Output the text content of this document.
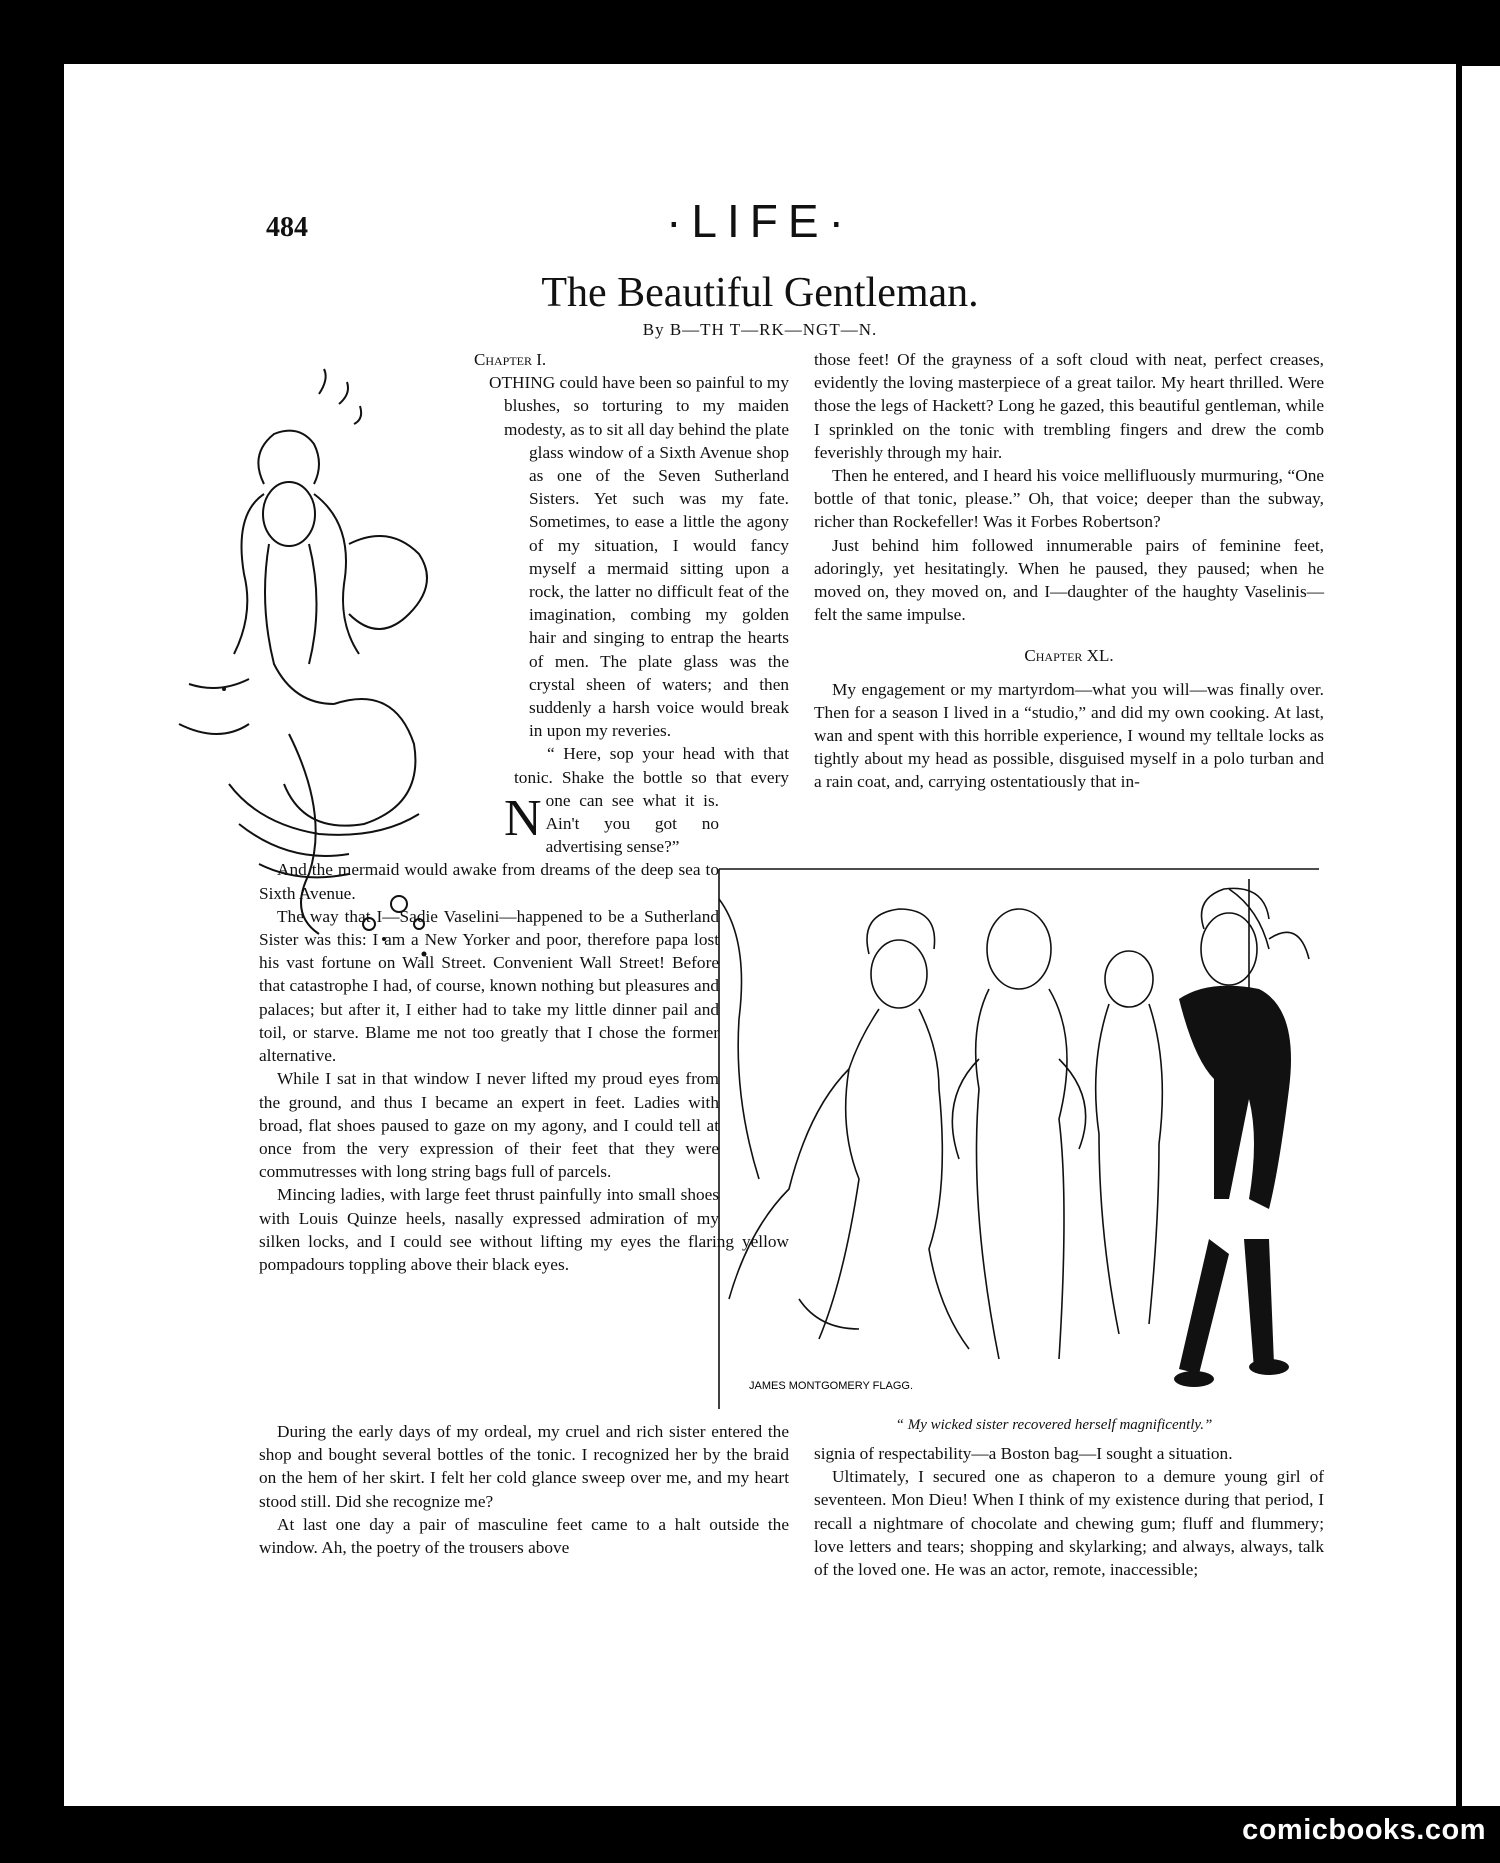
484	·LIFE·
The Beautiful Gentleman.
By B—TH T—RK—NGT—N.
Chapter I.

N
OTHING could have been so painful to my blushes, so torturing to my maiden modesty, as to sit all day behind the plate glass window of a Sixth Avenue shop as one of the Seven Sutherland Sisters. Yet such was my fate. Sometimes, to ease a little the agony of my situation, I would fancy myself a mermaid sitting upon a rock, the latter no difficult feat of the imagination, combing my golden hair and singing to entrap the hearts of men. The plate glass was the crystal sheen of waters; and then suddenly a harsh voice would break in upon my reveries.

“ Here, sop your head with that tonic. Shake the bottle so that every one can see what it is. Ain't you got no advertising sense?”

And the mermaid would awake from dreams of the deep sea to Sixth Avenue.

The way that I—Sadie Vaselini—happened to be a Sutherland Sister was this: I am a New Yorker and poor, therefore papa lost his vast fortune on Wall Street. Convenient Wall Street! Before that catastrophe I had, of course, known nothing but pleasures and palaces; but after it, I either had to take my little dinner pail and toil, or starve. Blame me not too greatly that I chose the former alternative.

While I sat in that window I never lifted my proud eyes from the ground, and thus I became an expert in feet. Ladies with broad, flat shoes paused to gaze on my agony, and I could tell at once from the very expression of their feet that they were commutresses with long string bags full of parcels.

Mincing ladies, with large feet thrust painfully into small shoes with Louis Quinze heels, nasally expressed admiration of my silken locks, and I could see without lifting my eyes the flaring yellow pompadours toppling above their black eyes.

During the early days of my ordeal, my cruel and rich sister entered the shop and bought several bottles of the tonic. I recognized her by the braid on the hem of her skirt. I felt her cold glance sweep over me, and my heart stood still. Did she recognize me?

At last one day a pair of masculine feet came to a halt outside the window. Ah, the poetry of the trousers above

those feet! Of the grayness of a soft cloud with neat, perfect creases, evidently the loving masterpiece of a great tailor. My heart thrilled. Were those the legs of Hackett? Long he gazed, this beautiful gentleman, while I sprinkled on the tonic with trembling fingers and drew the comb feverishly through my hair.

Then he entered, and I heard his voice mellifluously murmuring, “One bottle of that tonic, please.” Oh, that voice; deeper than the subway, richer than Rockefeller! Was it Forbes Robertson?

Just behind him followed innumerable pairs of feminine feet, adoringly, yet hesitatingly. When he paused, they paused; when he moved on, they moved on, and I—daughter of the haughty Vaselinis—felt the same impulse.

Chapter XL.

My engagement or my martyrdom—what you will—was finally over. Then for a season I lived in a “studio,” and did my own cooking. At last, wan and spent with this horrible experience, I wound my telltale locks as tightly about my head as possible, disguised myself in a polo turban and a rain coat, and, carrying ostentatiously that in-

JAMES MONTGOMERY FLAGG.
“ My wicked sister recovered herself magnificently.”

signia of respectability—a Boston bag—I sought a situation.

Ultimately, I secured one as chaperon to a demure young girl of seventeen. Mon Dieu! When I think of my existence during that period, I recall a nightmare of chocolate and chewing gum; fluff and flummery; love letters and tears; shopping and skylarking; and always, always, talk of the loved one. He was an actor, remote, inaccessible;

comicbooks.com
